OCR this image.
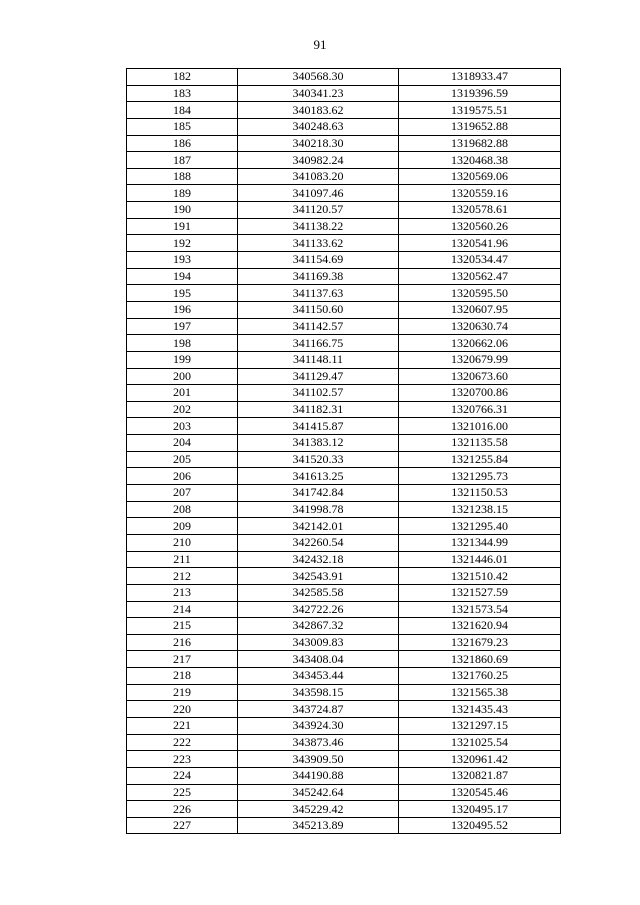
91
182	340568.30	1318933.47
183	340341.23	1319396.59
184	340183.62	1319575.51
185	340248.63	1319652.88
186	340218.30	1319682.88
187	340982.24	1320468.38
188	341083.20	1320569.06
189	341097.46	1320559.16
190	341120.57	1320578.61
191	341138.22	1320560.26
192	341133.62	1320541.96
193	341154.69	1320534.47
194	341169.38	1320562.47
195	341137.63	1320595.50
196	341150.60	1320607.95
197	341142.57	1320630.74
198	341166.75	1320662.06
199	341148.11	1320679.99
200	341129.47	1320673.60
201	341102.57	1320700.86
202	341182.31	1320766.31
203	341415.87	1321016.00
204	341383.12	1321135.58
205	341520.33	1321255.84
206	341613.25	1321295.73
207	341742.84	1321150.53
208	341998.78	1321238.15
209	342142.01	1321295.40
210	342260.54	1321344.99
211	342432.18	1321446.01
212	342543.91	1321510.42
213	342585.58	1321527.59
214	342722.26	1321573.54
215	342867.32	1321620.94
216	343009.83	1321679.23
217	343408.04	1321860.69
218	343453.44	1321760.25
219	343598.15	1321565.38
220	343724.87	1321435.43
221	343924.30	1321297.15
222	343873.46	1321025.54
223	343909.50	1320961.42
224	344190.88	1320821.87
225	345242.64	1320545.46
226	345229.42	1320495.17
227	345213.89	1320495.52
